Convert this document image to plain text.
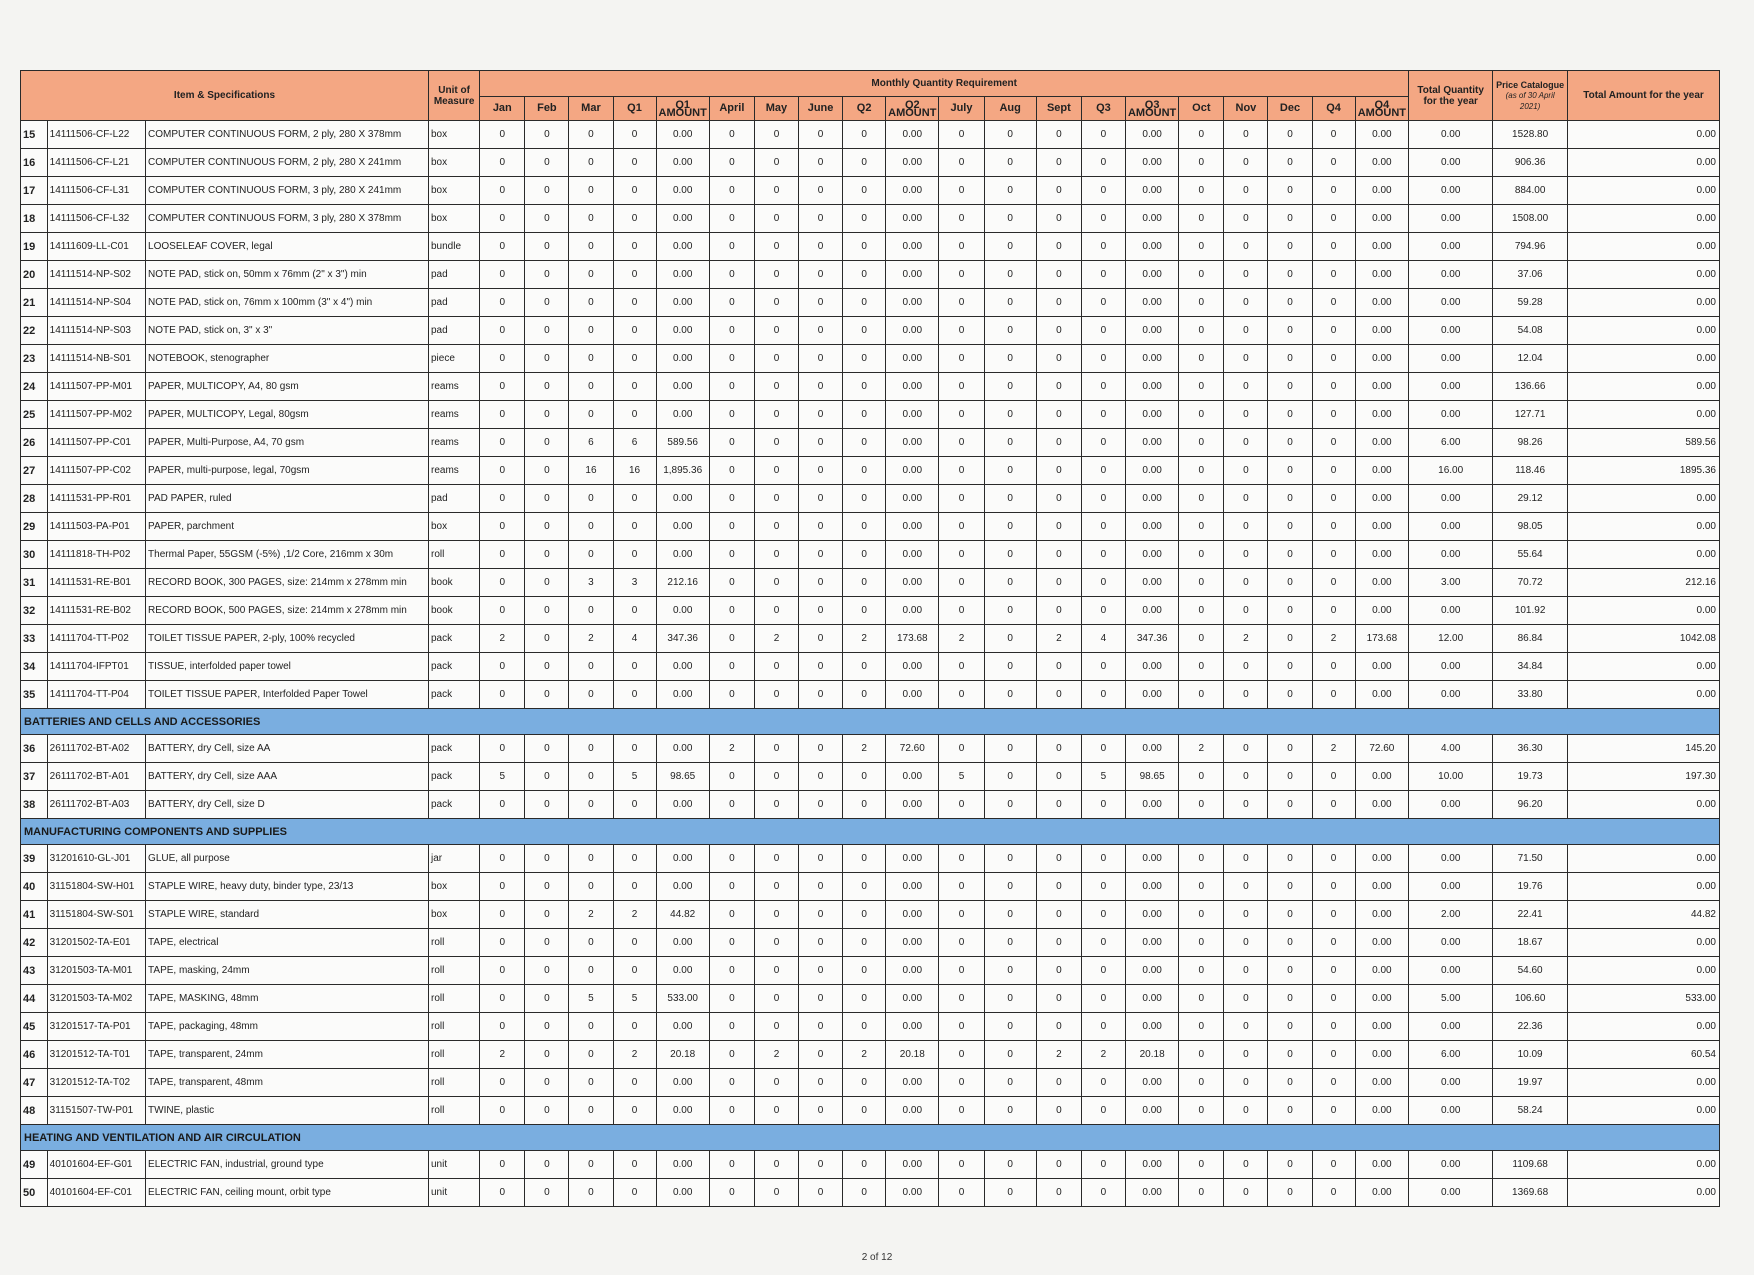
Item & Specifications			Unit of Measure	Monthly Quantity Requirement																				Total Quantity for the year	Price Catalogue
(as of 30 April 2021)	Total Amount for the year
				Jan	Feb	Mar	Q1	Q1 AMOUNT	April	May	June	Q2	Q2 AMOUNT	July	Aug	Sept	Q3	Q3 AMOUNT	Oct	Nov	Dec	Q4	Q4 AMOUNT			
15	14111506-CF-L22	COMPUTER CONTINUOUS FORM, 2 ply, 280 X 378mm	box	0	0	0	0	0.00	0	0	0	0	0.00	0	0	0	0	0.00	0	0	0	0	0.00	0.00	1528.80	0.00
16	14111506-CF-L21	COMPUTER CONTINUOUS FORM, 2 ply, 280 X 241mm	box	0	0	0	0	0.00	0	0	0	0	0.00	0	0	0	0	0.00	0	0	0	0	0.00	0.00	906.36	0.00
17	14111506-CF-L31	COMPUTER CONTINUOUS FORM, 3 ply, 280 X 241mm	box	0	0	0	0	0.00	0	0	0	0	0.00	0	0	0	0	0.00	0	0	0	0	0.00	0.00	884.00	0.00
18	14111506-CF-L32	COMPUTER CONTINUOUS FORM, 3 ply, 280 X 378mm	box	0	0	0	0	0.00	0	0	0	0	0.00	0	0	0	0	0.00	0	0	0	0	0.00	0.00	1508.00	0.00
19	14111609-LL-C01	LOOSELEAF COVER, legal	bundle	0	0	0	0	0.00	0	0	0	0	0.00	0	0	0	0	0.00	0	0	0	0	0.00	0.00	794.96	0.00
20	14111514-NP-S02	NOTE PAD, stick on, 50mm x 76mm (2" x 3") min	pad	0	0	0	0	0.00	0	0	0	0	0.00	0	0	0	0	0.00	0	0	0	0	0.00	0.00	37.06	0.00
21	14111514-NP-S04	NOTE PAD, stick on, 76mm x 100mm (3" x 4") min	pad	0	0	0	0	0.00	0	0	0	0	0.00	0	0	0	0	0.00	0	0	0	0	0.00	0.00	59.28	0.00
22	14111514-NP-S03	NOTE PAD, stick on, 3" x 3"	pad	0	0	0	0	0.00	0	0	0	0	0.00	0	0	0	0	0.00	0	0	0	0	0.00	0.00	54.08	0.00
23	14111514-NB-S01	NOTEBOOK, stenographer	piece	0	0	0	0	0.00	0	0	0	0	0.00	0	0	0	0	0.00	0	0	0	0	0.00	0.00	12.04	0.00
24	14111507-PP-M01	PAPER, MULTICOPY, A4, 80 gsm	reams	0	0	0	0	0.00	0	0	0	0	0.00	0	0	0	0	0.00	0	0	0	0	0.00	0.00	136.66	0.00
25	14111507-PP-M02	PAPER, MULTICOPY, Legal, 80gsm	reams	0	0	0	0	0.00	0	0	0	0	0.00	0	0	0	0	0.00	0	0	0	0	0.00	0.00	127.71	0.00
26	14111507-PP-C01	PAPER, Multi-Purpose, A4, 70 gsm	reams	0	0	6	6	589.56	0	0	0	0	0.00	0	0	0	0	0.00	0	0	0	0	0.00	6.00	98.26	589.56
27	14111507-PP-C02	PAPER, multi-purpose, legal, 70gsm	reams	0	0	16	16	1,895.36	0	0	0	0	0.00	0	0	0	0	0.00	0	0	0	0	0.00	16.00	118.46	1895.36
28	14111531-PP-R01	PAD PAPER, ruled	pad	0	0	0	0	0.00	0	0	0	0	0.00	0	0	0	0	0.00	0	0	0	0	0.00	0.00	29.12	0.00
29	14111503-PA-P01	PAPER, parchment	box	0	0	0	0	0.00	0	0	0	0	0.00	0	0	0	0	0.00	0	0	0	0	0.00	0.00	98.05	0.00
30	14111818-TH-P02	Thermal Paper, 55GSM (-5%) ,1/2 Core, 216mm x 30m	roll	0	0	0	0	0.00	0	0	0	0	0.00	0	0	0	0	0.00	0	0	0	0	0.00	0.00	55.64	0.00
31	14111531-RE-B01	RECORD BOOK, 300 PAGES, size: 214mm x 278mm min	book	0	0	3	3	212.16	0	0	0	0	0.00	0	0	0	0	0.00	0	0	0	0	0.00	3.00	70.72	212.16
32	14111531-RE-B02	RECORD BOOK, 500 PAGES, size: 214mm x 278mm min	book	0	0	0	0	0.00	0	0	0	0	0.00	0	0	0	0	0.00	0	0	0	0	0.00	0.00	101.92	0.00
33	14111704-TT-P02	TOILET TISSUE PAPER, 2-ply, 100% recycled	pack	2	0	2	4	347.36	0	2	0	2	173.68	2	0	2	4	347.36	0	2	0	2	173.68	12.00	86.84	1042.08
34	14111704-IFPT01	TISSUE, interfolded paper towel	pack	0	0	0	0	0.00	0	0	0	0	0.00	0	0	0	0	0.00	0	0	0	0	0.00	0.00	34.84	0.00
35	14111704-TT-P04	TOILET TISSUE PAPER, Interfolded Paper Towel	pack	0	0	0	0	0.00	0	0	0	0	0.00	0	0	0	0	0.00	0	0	0	0	0.00	0.00	33.80	0.00
BATTERIES AND CELLS AND ACCESSORIES																										
36	26111702-BT-A02	BATTERY, dry Cell, size AA	pack	0	0	0	0	0.00	2	0	0	2	72.60	0	0	0	0	0.00	2	0	0	2	72.60	4.00	36.30	145.20
37	26111702-BT-A01	BATTERY, dry Cell, size AAA	pack	5	0	0	5	98.65	0	0	0	0	0.00	5	0	0	5	98.65	0	0	0	0	0.00	10.00	19.73	197.30
38	26111702-BT-A03	BATTERY, dry Cell, size D	pack	0	0	0	0	0.00	0	0	0	0	0.00	0	0	0	0	0.00	0	0	0	0	0.00	0.00	96.20	0.00
MANUFACTURING COMPONENTS AND SUPPLIES																										
39	31201610-GL-J01	GLUE, all purpose	jar	0	0	0	0	0.00	0	0	0	0	0.00	0	0	0	0	0.00	0	0	0	0	0.00	0.00	71.50	0.00
40	31151804-SW-H01	STAPLE WIRE, heavy duty, binder type, 23/13	box	0	0	0	0	0.00	0	0	0	0	0.00	0	0	0	0	0.00	0	0	0	0	0.00	0.00	19.76	0.00
41	31151804-SW-S01	STAPLE WIRE, standard	box	0	0	2	2	44.82	0	0	0	0	0.00	0	0	0	0	0.00	0	0	0	0	0.00	2.00	22.41	44.82
42	31201502-TA-E01	TAPE, electrical	roll	0	0	0	0	0.00	0	0	0	0	0.00	0	0	0	0	0.00	0	0	0	0	0.00	0.00	18.67	0.00
43	31201503-TA-M01	TAPE, masking, 24mm	roll	0	0	0	0	0.00	0	0	0	0	0.00	0	0	0	0	0.00	0	0	0	0	0.00	0.00	54.60	0.00
44	31201503-TA-M02	TAPE, MASKING, 48mm	roll	0	0	5	5	533.00	0	0	0	0	0.00	0	0	0	0	0.00	0	0	0	0	0.00	5.00	106.60	533.00
45	31201517-TA-P01	TAPE, packaging, 48mm	roll	0	0	0	0	0.00	0	0	0	0	0.00	0	0	0	0	0.00	0	0	0	0	0.00	0.00	22.36	0.00
46	31201512-TA-T01	TAPE, transparent, 24mm	roll	2	0	0	2	20.18	0	2	0	2	20.18	0	0	2	2	20.18	0	0	0	0	0.00	6.00	10.09	60.54
47	31201512-TA-T02	TAPE, transparent, 48mm	roll	0	0	0	0	0.00	0	0	0	0	0.00	0	0	0	0	0.00	0	0	0	0	0.00	0.00	19.97	0.00
48	31151507-TW-P01	TWINE, plastic	roll	0	0	0	0	0.00	0	0	0	0	0.00	0	0	0	0	0.00	0	0	0	0	0.00	0.00	58.24	0.00
HEATING AND VENTILATION AND AIR CIRCULATION																										
49	40101604-EF-G01	ELECTRIC FAN, industrial, ground type	unit	0	0	0	0	0.00	0	0	0	0	0.00	0	0	0	0	0.00	0	0	0	0	0.00	0.00	1109.68	0.00
50	40101604-EF-C01	ELECTRIC FAN, ceiling mount, orbit type	unit	0	0	0	0	0.00	0	0	0	0	0.00	0	0	0	0	0.00	0	0	0	0	0.00	0.00	1369.68	0.00
2 of 12
